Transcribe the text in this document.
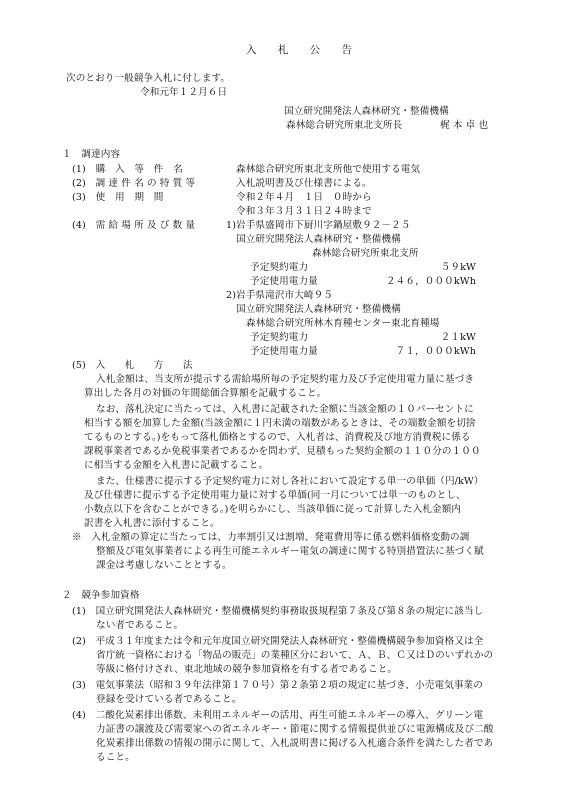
入 札 公 告
次のとおり一般競争入札に付します。
令和元年１２月６日
国立研究開発法人森林研究・整備機構
森林総合研究所東北支所長	梶 本 卓 也
１　調達内容
(1)　購　入　等　件　名	森林総合研究所東北支所他で使用する電気
(2)　調 達 件 名 の 特 質 等	入札説明書及び仕様書による。
(3)　使　用　期　間	令和２年４月　１日　０時から
令和３年３月３１日２４時まで
(4)　需 給 場 所 及 び 数 量	1)岩手県盛岡市下厨川字鍋屋敷９２－２５
国立研究開発法人森林研究・整備機構
森林総合研究所東北支所
予定契約電力	５９kW
予定使用電力量	２４６，０００kWh
2)岩手県滝沢市大崎９５
国立研究開発法人森林研究・整備機構
森林総合研究所林木育種センター東北育種場
予定契約電力	２１kW
予定使用電力量	７１，０００kWh
(5)　入　　札　　方　　法
入札金額は、当支所が提示する需給場所毎の予定契約電力及び予定使用電力量に基づき
算出した各月の対価の年間総価合算額を記載すること。
なお、落札決定に当たっては、入札書に記載された金額に当該金額の１０パーセントに
相当する額を加算した金額(当該金額に１円未満の端数があるときは、その端数金額を切捨
てるものとする。)をもって落札価格とするので、入札者は、消費税及び地方消費税に係る
課税事業者であるか免税事業者であるかを問わず、見積もった契約金額の１１０分の１００
に相当する金額を入札書に記載すること。
また、仕様書に提示する予定契約電力に対し各社において設定する単一の単価（円/kW）
及び仕様書に提示する予定使用電力量に対する単価(同一月については単一のものとし、
小数点以下を含むことができる。)を明らかにし、当該単価に従って計算した入札金額内
訳書を入札書に添付すること。
※　入札金額の算定に当たっては、力率割引又は割増、発電費用等に係る燃料価格変動の調
整額及び電気事業者による再生可能エネルギー電気の調達に関する特別措置法に基づく賦
課金は考慮しないこととする。
２　競争参加資格
(1)　国立研究開発法人森林研究・整備機構契約事務取扱規程第７条及び第８条の規定に該当し
ない者であること。
(2)　平成３１年度または令和元年度国立研究開発法人森林研究・整備機構競争参加資格又は全
省庁統一資格における「物品の販売」の業種区分において、Ａ、Ｂ、Ｃ又はＤのいずれかの
等級に格付けされ、東北地域の競争参加資格を有する者であること。
(3)　電気事業法（昭和３９年法律第１７０号）第２条第２項の規定に基づき、小売電気事業の
登録を受けている者であること。
(4)　二酸化炭素排出係数、未利用エネルギーの活用、再生可能エネルギーの導入、グリーン電
力証書の譲渡及び需要家への省エネルギー・節電に関する情報提供並びに電源構成及び二酸
化炭素排出係数の情報の開示に関して、入札説明書に掲げる入札適合条件を満たした者であ
ること。
